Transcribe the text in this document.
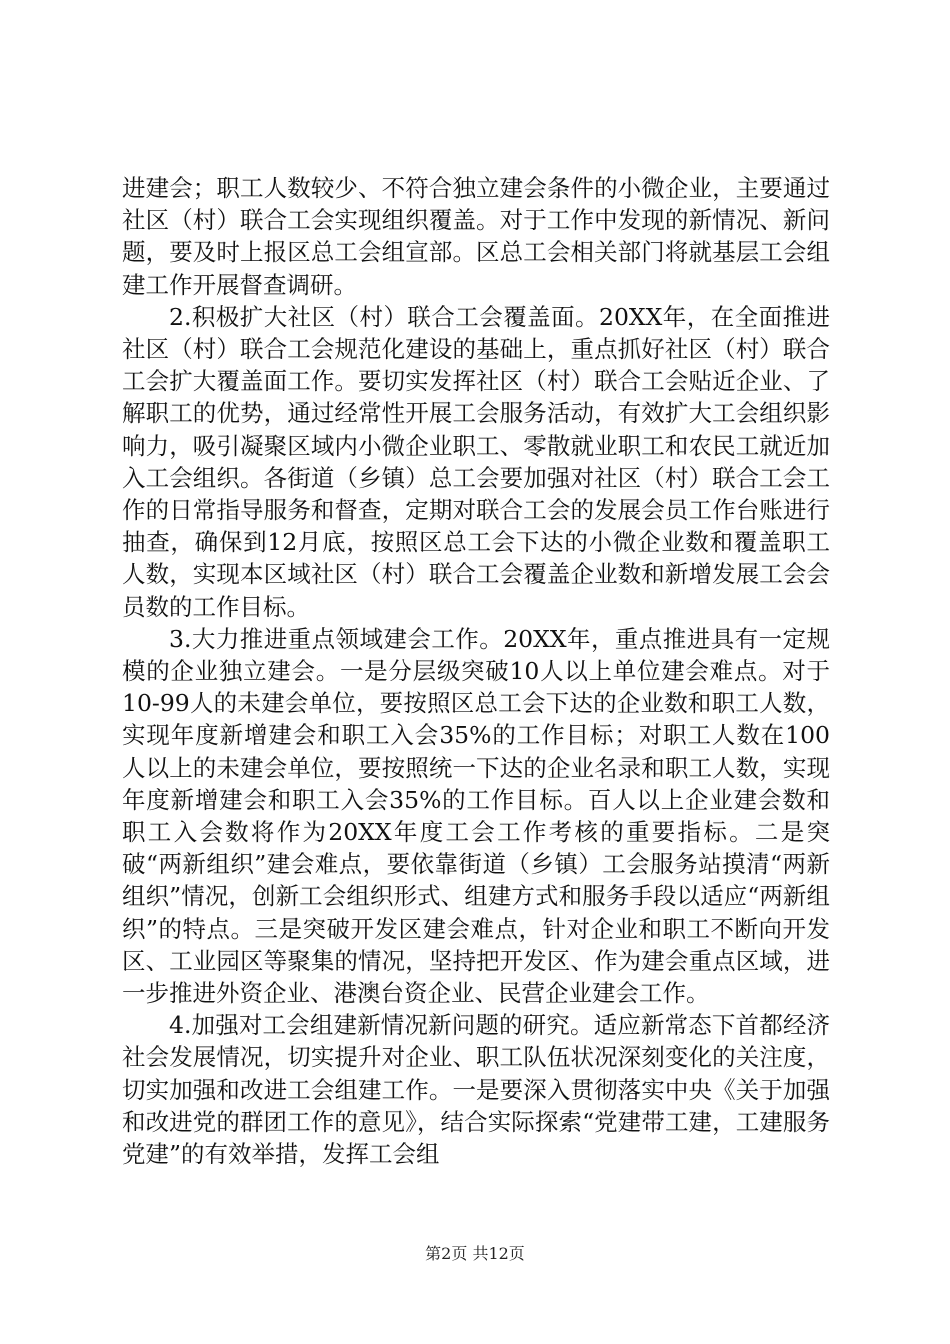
进建会；职工人数较少、不符合独立建会条件的小微企业，主要通过社区（村）联合工会实现组织覆盖。对于工作中发现的新情况、新问题，要及时上报区总工会组宣部。区总工会相关部门将就基层工会组建工作开展督查调研。

2.积极扩大社区（村）联合工会覆盖面。20XX年，在全面推进社区（村）联合工会规范化建设的基础上，重点抓好社区（村）联合工会扩大覆盖面工作。要切实发挥社区（村）联合工会贴近企业、了解职工的优势，通过经常性开展工会服务活动，有效扩大工会组织影响力，吸引凝聚区域内小微企业职工、零散就业职工和农民工就近加入工会组织。各街道（乡镇）总工会要加强对社区（村）联合工会工作的日常指导服务和督查，定期对联合工会的发展会员工作台账进行抽查，确保到12月底，按照区总工会下达的小微企业数和覆盖职工人数，实现本区域社区（村）联合工会覆盖企业数和新增发展工会会员数的工作目标。

3.大力推进重点领域建会工作。20XX年，重点推进具有一定规模的企业独立建会。一是分层级突破10人以上单位建会难点。对于10-99人的未建会单位，要按照区总工会下达的企业数和职工人数，实现年度新增建会和职工入会35%的工作目标；对职工人数在100人以上的未建会单位，要按照统一下达的企业名录和职工人数，实现年度新增建会和职工入会35%的工作目标。百人以上企业建会数和职工入会数将作为20XX年度工会工作考核的重要指标。二是突破“两新组织”建会难点，要依靠街道（乡镇）工会服务站摸清“两新组织”情况，创新工会组织形式、组建方式和服务手段以适应“两新组织”的特点。三是突破开发区建会难点，针对企业和职工不断向开发区、工业园区等聚集的情况，坚持把开发区、作为建会重点区域，进一步推进外资企业、港澳台资企业、民营企业建会工作。

4.加强对工会组建新情况新问题的研究。适应新常态下首都经济社会发展情况，切实提升对企业、职工队伍状况深刻变化的关注度，切实加强和改进工会组建工作。一是要深入贯彻落实中央《关于加强和改进党的群团工作的意见》，结合实际探索“党建带工建，工建服务党建”的有效举措，发挥工会组

第2页 共12页
